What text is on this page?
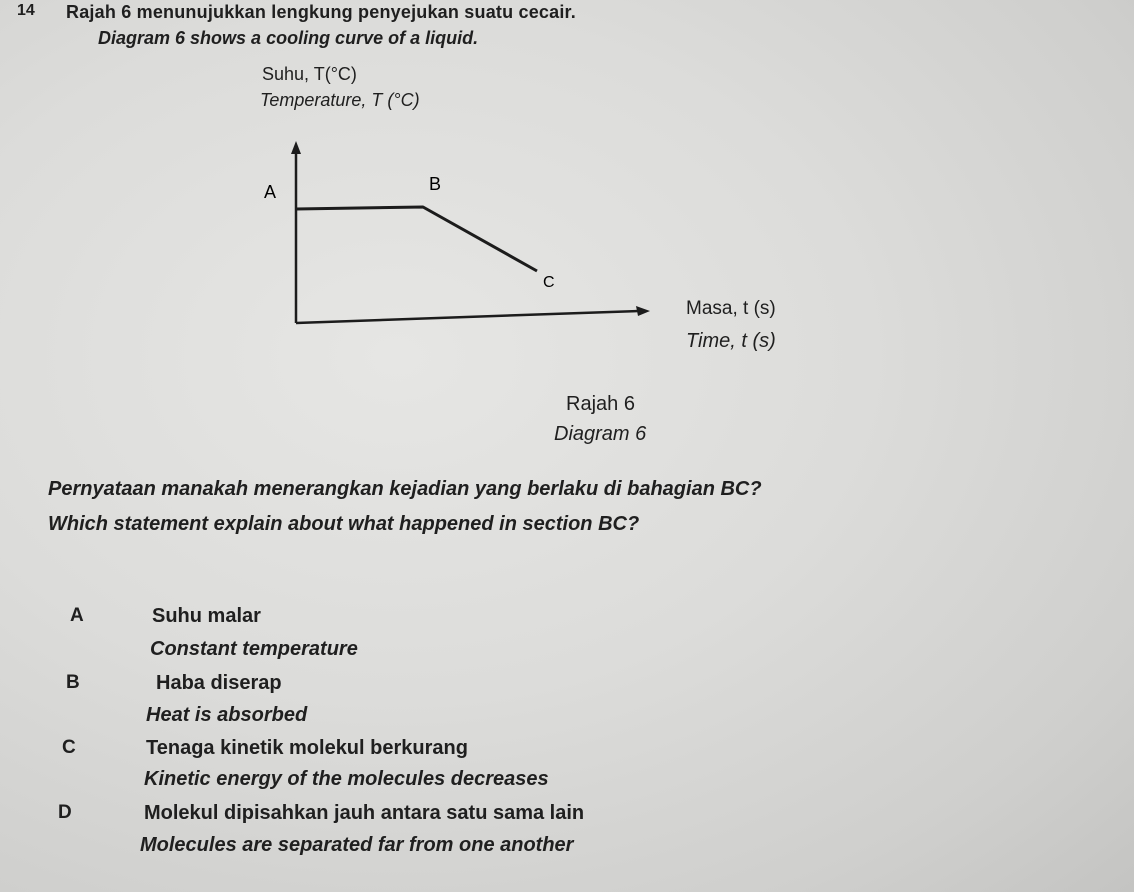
14 Rajah 6 menunujukkan lengkung penyejukan suatu cecair.
Diagram 6 shows a cooling curve of a liquid.
Suhu, T(°C)
Temperature, T (°C)
A	B
C
Masa, t (s)
Time, t (s)
Rajah 6
Diagram 6
Pernyataan manakah menerangkan kejadian yang berlaku di bahagian BC?
Which statement explain about what happened in section BC?
A	Suhu malar
Constant temperature
B	Haba diserap
Heat is absorbed
C	Tenaga kinetik molekul berkurang
Kinetic energy of the molecules decreases
D	Molekul dipisahkan jauh antara satu sama lain
Molecules are separated far from one another
